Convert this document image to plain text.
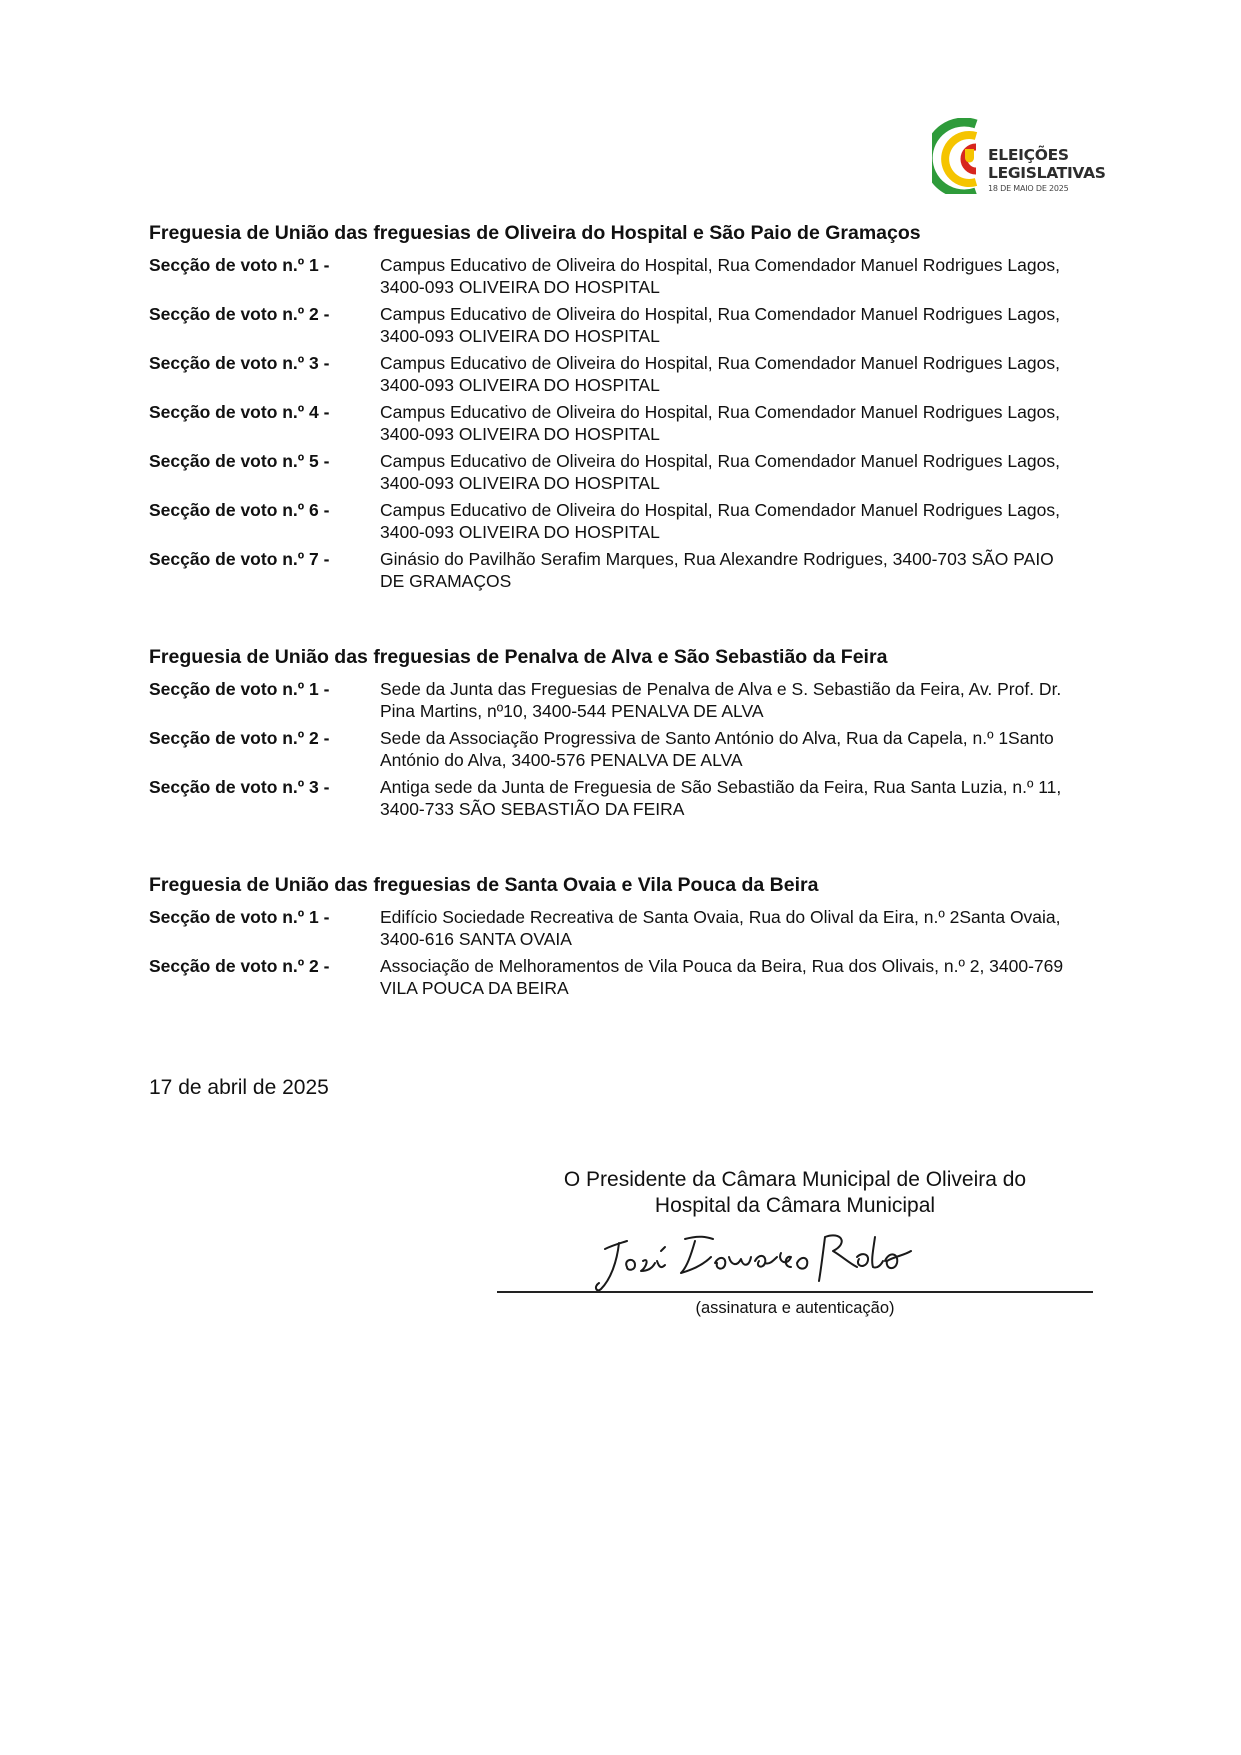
ELEIÇÕES
LEGISLATIVAS
18 DE MAIO DE 2025
Freguesia de União das freguesias de Oliveira do Hospital e São Paio de Gramaços
Secção de voto n.º 1 -	Campus Educativo de Oliveira do Hospital, Rua Comendador Manuel Rodrigues Lagos, 3400-093 OLIVEIRA DO HOSPITAL
Secção de voto n.º 2 -	Campus Educativo de Oliveira do Hospital, Rua Comendador Manuel Rodrigues Lagos, 3400-093 OLIVEIRA DO HOSPITAL
Secção de voto n.º 3 -	Campus Educativo de Oliveira do Hospital, Rua Comendador Manuel Rodrigues Lagos, 3400-093 OLIVEIRA DO HOSPITAL
Secção de voto n.º 4 -	Campus Educativo de Oliveira do Hospital, Rua Comendador Manuel Rodrigues Lagos, 3400-093 OLIVEIRA DO HOSPITAL
Secção de voto n.º 5 -	Campus Educativo de Oliveira do Hospital, Rua Comendador Manuel Rodrigues Lagos, 3400-093 OLIVEIRA DO HOSPITAL
Secção de voto n.º 6 -	Campus Educativo de Oliveira do Hospital, Rua Comendador Manuel Rodrigues Lagos, 3400-093 OLIVEIRA DO HOSPITAL
Secção de voto n.º 7 -	Ginásio do Pavilhão Serafim Marques, Rua Alexandre Rodrigues, 3400-703 SÃO PAIO DE GRAMAÇOS
Freguesia de União das freguesias de Penalva de Alva e São Sebastião da Feira
Secção de voto n.º 1 -	Sede da Junta das Freguesias de Penalva de Alva e S. Sebastião da Feira, Av. Prof. Dr. Pina Martins, nº10, 3400-544 PENALVA DE ALVA
Secção de voto n.º 2 -	Sede da Associação Progressiva de Santo António do Alva, Rua da Capela, n.º 1Santo António do Alva, 3400-576 PENALVA DE ALVA
Secção de voto n.º 3 -	Antiga sede da Junta de Freguesia de São Sebastião da Feira, Rua Santa Luzia, n.º 11, 3400-733 SÃO SEBASTIÃO DA FEIRA
Freguesia de União das freguesias de Santa Ovaia e Vila Pouca da Beira
Secção de voto n.º 1 -	Edifício Sociedade Recreativa de Santa Ovaia, Rua do Olival da Eira, n.º 2Santa Ovaia, 3400-616 SANTA OVAIA
Secção de voto n.º 2 -	Associação de Melhoramentos de Vila Pouca da Beira, Rua dos Olivais, n.º 2, 3400-769 VILA POUCA DA BEIRA
17 de abril de 2025
O Presidente da Câmara Municipal de Oliveira do Hospital da Câmara Municipal
(assinatura e autenticação)
